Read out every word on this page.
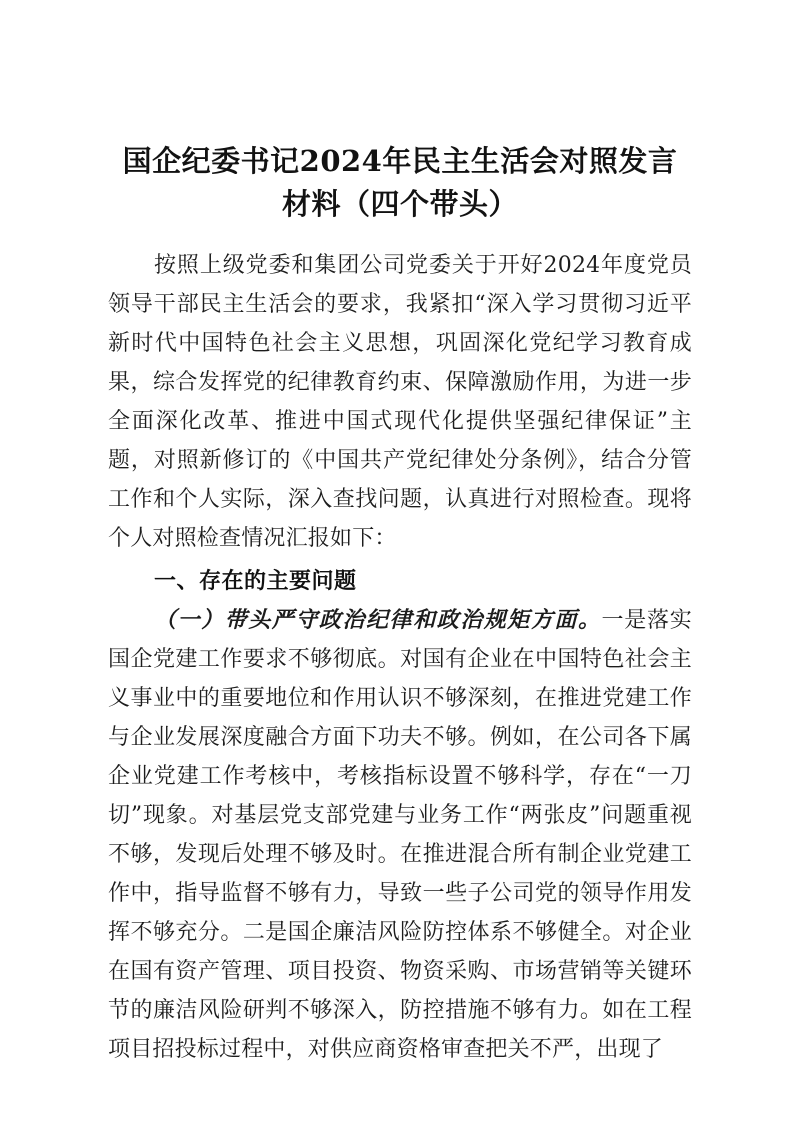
国企纪委书记2024年民主生活会对照发言材料（四个带头）

按照上级党委和集团公司党委关于开好2024年度党员领导干部民主生活会的要求，我紧扣“深入学习贯彻习近平新时代中国特色社会主义思想，巩固深化党纪学习教育成果，综合发挥党的纪律教育约束、保障激励作用，为进一步全面深化改革、推进中国式现代化提供坚强纪律保证”主题，对照新修订的《中国共产党纪律处分条例》，结合分管工作和个人实际，深入查找问题，认真进行对照检查。现将个人对照检查情况汇报如下：

一、存在的主要问题

（一）带头严守政治纪律和政治规矩方面。一是落实国企党建工作要求不够彻底。对国有企业在中国特色社会主义事业中的重要地位和作用认识不够深刻，在推进党建工作与企业发展深度融合方面下功夫不够。例如，在公司各下属企业党建工作考核中，考核指标设置不够科学，存在“一刀切”现象。对基层党支部党建与业务工作“两张皮”问题重视不够，发现后处理不够及时。在推进混合所有制企业党建工作中，指导监督不够有力，导致一些子公司党的领导作用发挥不够充分。二是国企廉洁风险防控体系不够健全。对企业在国有资产管理、项目投资、物资采购、市场营销等关键环节的廉洁风险研判不够深入，防控措施不够有力。如在工程项目招投标过程中，对供应商资格审查把关不严，出现了
